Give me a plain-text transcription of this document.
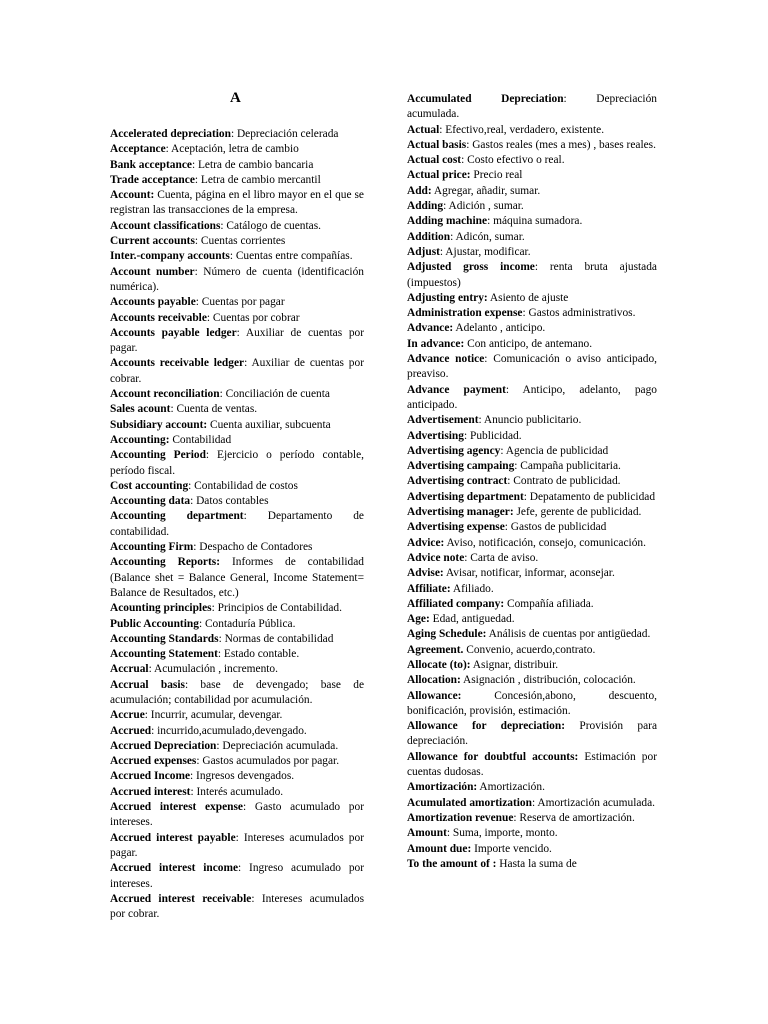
A

Accelerated depreciation: Depreciación celerada

Acceptance: Aceptación, letra de cambio

Bank acceptance: Letra de cambio bancaria

Trade acceptance: Letra de cambio mercantil

Account: Cuenta, página en el libro mayor en el que se registran las transacciones de la empresa.

Account classifications: Catálogo de cuentas.

Current accounts: Cuentas corrientes

Inter.-company accounts: Cuentas entre compañías.

Account number: Número de cuenta (identificación numérica).

Accounts payable: Cuentas por pagar

Accounts receivable: Cuentas por cobrar

Accounts payable ledger: Auxiliar de cuentas por pagar.

Accounts receivable ledger: Auxiliar de cuentas por cobrar.

Account reconciliation: Conciliación de cuenta

Sales acount: Cuenta de ventas.

Subsidiary account: Cuenta auxiliar, subcuenta

Accounting: Contabilidad

Accounting Period: Ejercicio o período contable, período fiscal.

Cost accounting: Contabilidad de costos

Accounting data: Datos contables

Accounting department: Departamento de contabilidad.

Accounting Firm: Despacho de Contadores

Accounting Reports: Informes de contabilidad (Balance shet = Balance General, Income Statement= Balance de Resultados, etc.)

Acounting principles: Principios de Contabilidad.

Public Accounting: Contaduría Pública.

Accounting Standards: Normas de contabilidad

Accounting Statement: Estado contable.

Accrual: Acumulación , incremento.

Accrual basis: base de devengado; base de acumulación; contabilidad por acumulación.

Accrue: Incurrir, acumular, devengar.

Accrued: incurrido,acumulado,devengado.

Accrued Depreciation: Depreciación acumulada.

Accrued expenses: Gastos acumulados por pagar.

Accrued Income: Ingresos devengados.

Accrued interest: Interés acumulado.

Accrued interest expense: Gasto acumulado por intereses.

Accrued interest payable: Intereses acumulados por pagar.

Accrued interest income: Ingreso acumulado por intereses.

Accrued interest receivable: Intereses acumulados por cobrar.

Accumulated Depreciation: Depreciación acumulada.

Actual: Efectivo,real, verdadero, existente.

Actual basis: Gastos reales (mes a mes) , bases reales.

Actual cost: Costo efectivo o real.

Actual price: Precio real

Add: Agregar, añadir, sumar.

Adding: Adición , sumar.

Adding machine: máquina sumadora.

Addition: Adicón, sumar.

Adjust: Ajustar, modificar.

Adjusted gross income: renta bruta ajustada (impuestos)

Adjusting entry: Asiento de ajuste

Administration expense: Gastos administrativos.

Advance: Adelanto , anticipo.

In advance: Con anticipo, de antemano.

Advance notice: Comunicación o aviso anticipado, preaviso.

Advance payment: Anticipo, adelanto, pago anticipado.

Advertisement: Anuncio publicitario.

Advertising: Publicidad.

Advertising agency: Agencia de publicidad

Advertising campaing: Campaña publicitaria.

Advertising contract: Contrato de publicidad.

Advertising department: Depatamento de publicidad

Advertising manager: Jefe, gerente de publicidad.

Advertising expense: Gastos de publicidad

Advice: Aviso, notificación, consejo, comunicación.

Advice note: Carta de aviso.

Advise: Avisar, notificar, informar, aconsejar.

Affiliate: Afiliado.

Affiliated company: Compañía afiliada.

Age: Edad, antiguedad.

Aging Schedule: Análisis de cuentas por antigüedad.

Agreement. Convenio, acuerdo,contrato.

Allocate (to): Asignar, distribuir.

Allocation: Asignación , distribución, colocación.

Allowance: Concesión,abono, descuento, bonificación, provisión, estimación.

Allowance for depreciation: Provisión para depreciación.

Allowance for doubtful accounts: Estimación por cuentas dudosas.

Amortización: Amortización.

Acumulated amortization: Amortización acumulada.

Amortization revenue: Reserva de amortización.

Amount: Suma, importe, monto.

Amount due: Importe vencido.

To the amount of : Hasta la suma de
